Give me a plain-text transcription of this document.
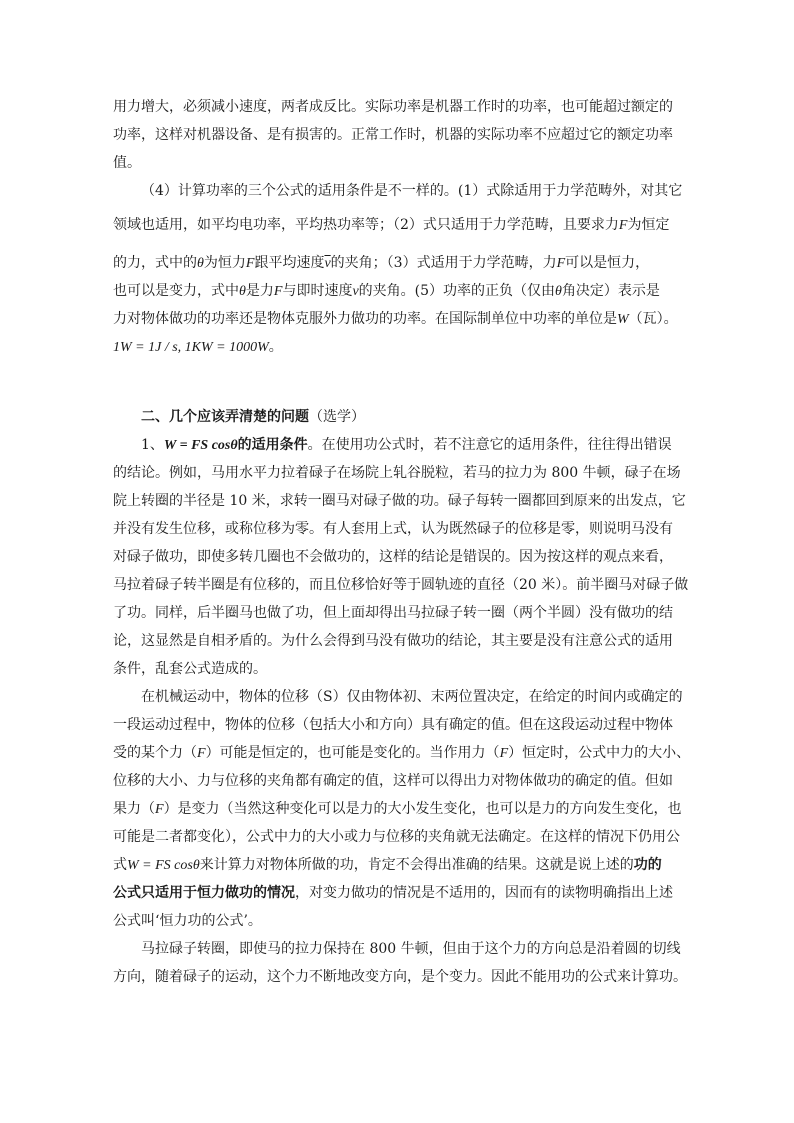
用力增大，必须减小速度，两者成反比。实际功率是机器工作时的功率，也可能超过额定的
功率，这样对机器设备、是有损害的。正常工作时，机器的实际功率不应超过它的额定功率
值。
（4）计算功率的三个公式的适用条件是不一样的。(1）式除适用于力学范畴外，对其它
领域也适用，如平均电功率，平均热功率等；（2）式只适用于力学范畴，且要求力F为恒定
的力，式中的θ为恒力F跟平均速度$\overline{v}$的夹角；（3）式适用于力学范畴，力F可以是恒力，
也可以是变力，式中θ是力F与即时速度v的夹角。(5）功率的正负（仅由θ角决定）表示是
力对物体做功的功率还是物体克服外力做功的功率。在国际制单位中功率的单位是W（瓦）。
1W = 1J / s, 1KW = 1000W。
二、几个应该弄清楚的问题（选学）
1、W = FS cosθ的适用条件。在使用功公式时，若不注意它的适用条件，往往得出错误
的结论。例如，马用水平力拉着碌子在场院上轧谷脱粒，若马的拉力为 800 牛顿，碌子在场
院上转圈的半径是 10 米，求转一圈马对碌子做的功。碌子每转一圈都回到原来的出发点，它
并没有发生位移，或称位移为零。有人套用上式，认为既然碌子的位移是零，则说明马没有
对碌子做功，即使多转几圈也不会做功的，这样的结论是错误的。因为按这样的观点来看，
马拉着碌子转半圈是有位移的，而且位移恰好等于圆轨迹的直径（20 米）。前半圈马对碌子做
了功。同样，后半圈马也做了功，但上面却得出马拉碌子转一圈（两个半圆）没有做功的结
论，这显然是自相矛盾的。为什么会得到马没有做功的结论，其主要是没有注意公式的适用
条件，乱套公式造成的。
在机械运动中，物体的位移（S）仅由物体初、末两位置决定，在给定的时间内或确定的
一段运动过程中，物体的位移（包括大小和方向）具有确定的值。但在这段运动过程中物体
受的某个力（F）可能是恒定的，也可能是变化的。当作用力（F）恒定时，公式中力的大小、
位移的大小、力与位移的夹角都有确定的值，这样可以得出力对物体做功的确定的值。但如
果力（F）是变力（当然这种变化可以是力的大小发生变化，也可以是力的方向发生变化，也
可能是二者都变化），公式中力的大小或力与位移的夹角就无法确定。在这样的情况下仍用公
式W = FS cosθ来计算力对物体所做的功，肯定不会得出准确的结果。这就是说上述的功的
公式只适用于恒力做功的情况，对变力做功的情况是不适用的，因而有的读物明确指出上述
公式叫‘恒力功的公式’。
马拉碌子转圈，即使马的拉力保持在 800 牛顿，但由于这个力的方向总是沿着圆的切线
方向，随着碌子的运动，这个力不断地改变方向，是个变力。因此不能用功的公式来计算功。
